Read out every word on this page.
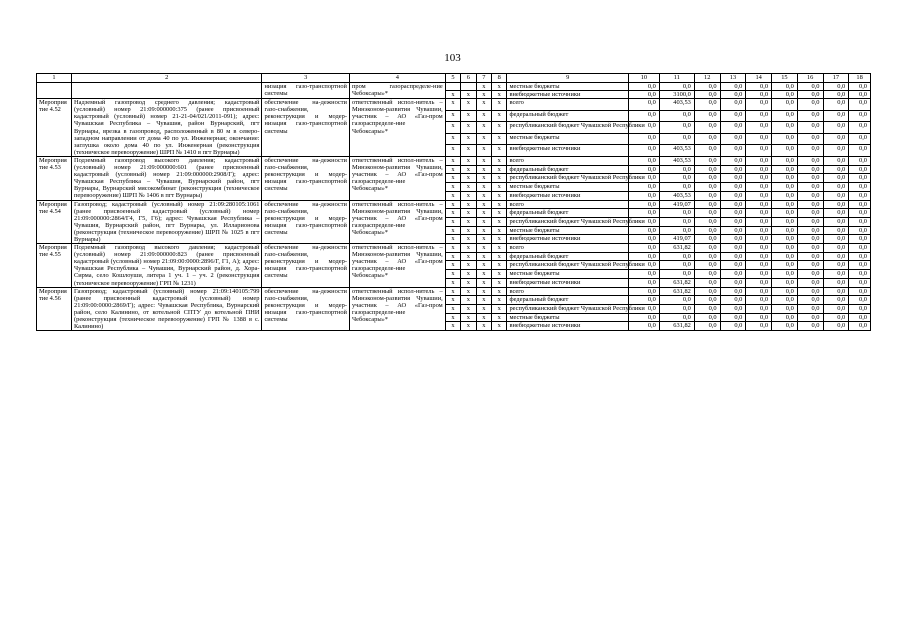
103
1	2	3	4	5	6	7	8	9	10	11	12	13	14	15	16	17	18
		низация газо-транспортной системы	пром газораспределе-ние Чебоксары»*			x	x	местные бюджеты	0,0	0,0	0,0	0,0	0,0	0,0	0,0	0,0	0,0
				x	x	x	x	внебюджетные источники	0,0	3100,0	0,0	0,0	0,0	0,0	0,0	0,0	0,0
Мероприятие 4.52	Надземный газопровод среднего давления; кадастровый (условный) номер 21:09:000000:375 (ранее присвоенный кадастровый (условный) номер 21-21-04/021/2011-091); адрес: Чувашская Республика – Чувашия, район Вурнарский, пгт Вурнары, врезка в газопровод, расположенный в 80 м в северо-западном направлении от дома 40 по ул. Инженерная; окончание: заглушка около дома 40 по ул. Инженерная (реконструкция (техническое перевооружение) ШРП № 1410 в пгт Вурнары)	обеспечение на-дежности газо-снабжения, реконструкция и модер-низация газо-транспортной системы	ответственный испол-нитель – Минэконом-развития Чувашии, участник – АО «Газ-пром газораспределе-ние Чебоксары»*	x	x	x	x	всего	0,0	403,53	0,0	0,0	0,0	0,0	0,0	0,0	0,0
				x	x	x	x	федеральный бюджет	0,0	0,0	0,0	0,0	0,0	0,0	0,0	0,0	0,0
				x	x	x	x	республиканский бюджет Чувашской Республики	0,0	0,0	0,0	0,0	0,0	0,0	0,0	0,0	0,0
				x	x	x	x	местные бюджеты	0,0	0,0	0,0	0,0	0,0	0,0	0,0	0,0	0,0
				x	x	x	x	внебюджетные источники	0,0	403,53	0,0	0,0	0,0	0,0	0,0	0,0	0,0
Мероприятие 4.53	Подземный газопровод высокого давления; кадастровый (условный) номер 21:09:000000:601 (ранее присвоенный кадастровый (условный) номер 21:09:000000:2908/Г); адрес: Чувашская Республика – Чувашия, Вурнарский район, пгт Вурнары, Вурнарский мясокомбинат (реконструкция (техническое перевооружение) ШРП № 1406 в пгт Вурнары)	обеспечение на-дежности газо-снабжения, реконструкция и модер-низация газо-транспортной системы	ответственный испол-нитель – Минэконом-развития Чувашии, участник – АО «Газ-пром газораспределе-ние Чебоксары»*	x	x	x	x	всего	0,0	403,53	0,0	0,0	0,0	0,0	0,0	0,0	0,0
				x	x	x	x	федеральный бюджет	0,0	0,0	0,0	0,0	0,0	0,0	0,0	0,0	0,0
				x	x	x	x	республиканский бюджет Чувашской Республики	0,0	0,0	0,0	0,0	0,0	0,0	0,0	0,0	0,0
				x	x	x	x	местные бюджеты	0,0	0,0	0,0	0,0	0,0	0,0	0,0	0,0	0,0
				x	x	x	x	внебюджетные источники	0,0	403,53	0,0	0,0	0,0	0,0	0,0	0,0	0,0
Мероприятие 4.54	Газопровод; кадастровый (условный) номер 21:09:280105:1061 (ранее присвоенный кадастровый (условный) номер 21:09:000000:2864/Г4, Г5, Г6); адрес: Чувашская Республика – Чувашия, Вурнарский район, пгт Вурнары, ул. Илларионова (реконструкция (техническое перевооружение) ШРП № 1025 в пгт Вурнары)	обеспечение на-дежности газо-снабжения, реконструкция и модер-низация газо-транспортной системы	ответственный испол-нитель – Минэконом-развития Чувашии, участник – АО «Газ-пром газораспределе-ние Чебоксары»*	x	x	x	x	всего	0,0	419,07	0,0	0,0	0,0	0,0	0,0	0,0	0,0
				x	x	x	x	федеральный бюджет	0,0	0,0	0,0	0,0	0,0	0,0	0,0	0,0	0,0
				x	x	x	x	республиканский бюджет Чувашской Республики	0,0	0,0	0,0	0,0	0,0	0,0	0,0	0,0	0,0
				x	x	x	x	местные бюджеты	0,0	0,0	0,0	0,0	0,0	0,0	0,0	0,0	0,0
				x	x	x	x	внебюджетные источники	0,0	419,07	0,0	0,0	0,0	0,0	0,0	0,0	0,0
Мероприятие 4.55	Подземный газопровод высокого давления; кадастровый (условный) номер 21:09:000000:823 (ранее присвоенный кадастровый (условный) номер 21:09:00:0000:2896/Г, Г1, А); адрес: Чувашская Республика – Чувашия, Вурнарский район, д. Хора-Сирма, село Кошлоуши, литера 1 уч. 1 – уч. 2 (реконструкция (техническое перевооружение) ГРП № 1231)	обеспечение на-дежности газо-снабжения, реконструкция и модер-низация газо-транспортной системы	ответственный испол-нитель – Минэконом-развития Чувашии, участник – АО «Газ-пром газораспределе-ние Чебоксары»*	x	x	x	x	всего	0,0	631,82	0,0	0,0	0,0	0,0	0,0	0,0	0,0
				x	x	x	x	федеральный бюджет	0,0	0,0	0,0	0,0	0,0	0,0	0,0	0,0	0,0
				x	x	x	x	республиканский бюджет Чувашской Республики	0,0	0,0	0,0	0,0	0,0	0,0	0,0	0,0	0,0
				x	x	x	x	местные бюджеты	0,0	0,0	0,0	0,0	0,0	0,0	0,0	0,0	0,0
				x	x	x	x	внебюджетные источники	0,0	631,82	0,0	0,0	0,0	0,0	0,0	0,0	0,0
Мероприятие 4.56	Газопровод; кадастровый (условный) номер 21:09:140105:799 (ранее присвоенный кадастровый (условный) номер 21:09:00:0000:2869/Г); адрес: Чувашская Республика, Вурнарский район, село Калинино, от котельной СПТУ до котельной ПНИ (реконструкция (техническое перевооружение) ГРП № 1388 в с. Калинино)	обеспечение на-дежности газо-снабжения, реконструкция и модер-низация газо-транспортной системы	ответственный испол-нитель – Минэконом-развития Чувашии, участник – АО «Газ-пром газораспределе-ние Чебоксары»*	x	x	x	x	всего	0,0	631,82	0,0	0,0	0,0	0,0	0,0	0,0	0,0
				x	x	x	x	федеральный бюджет	0,0	0,0	0,0	0,0	0,0	0,0	0,0	0,0	0,0
				x	x	x	x	республиканский бюджет Чувашской Республики	0,0	0,0	0,0	0,0	0,0	0,0	0,0	0,0	0,0
				x	x	x	x	местные бюджеты	0,0	0,0	0,0	0,0	0,0	0,0	0,0	0,0	0,0
				x	x	x	x	внебюджетные источники	0,0	631,82	0,0	0,0	0,0	0,0	0,0	0,0	0,0
